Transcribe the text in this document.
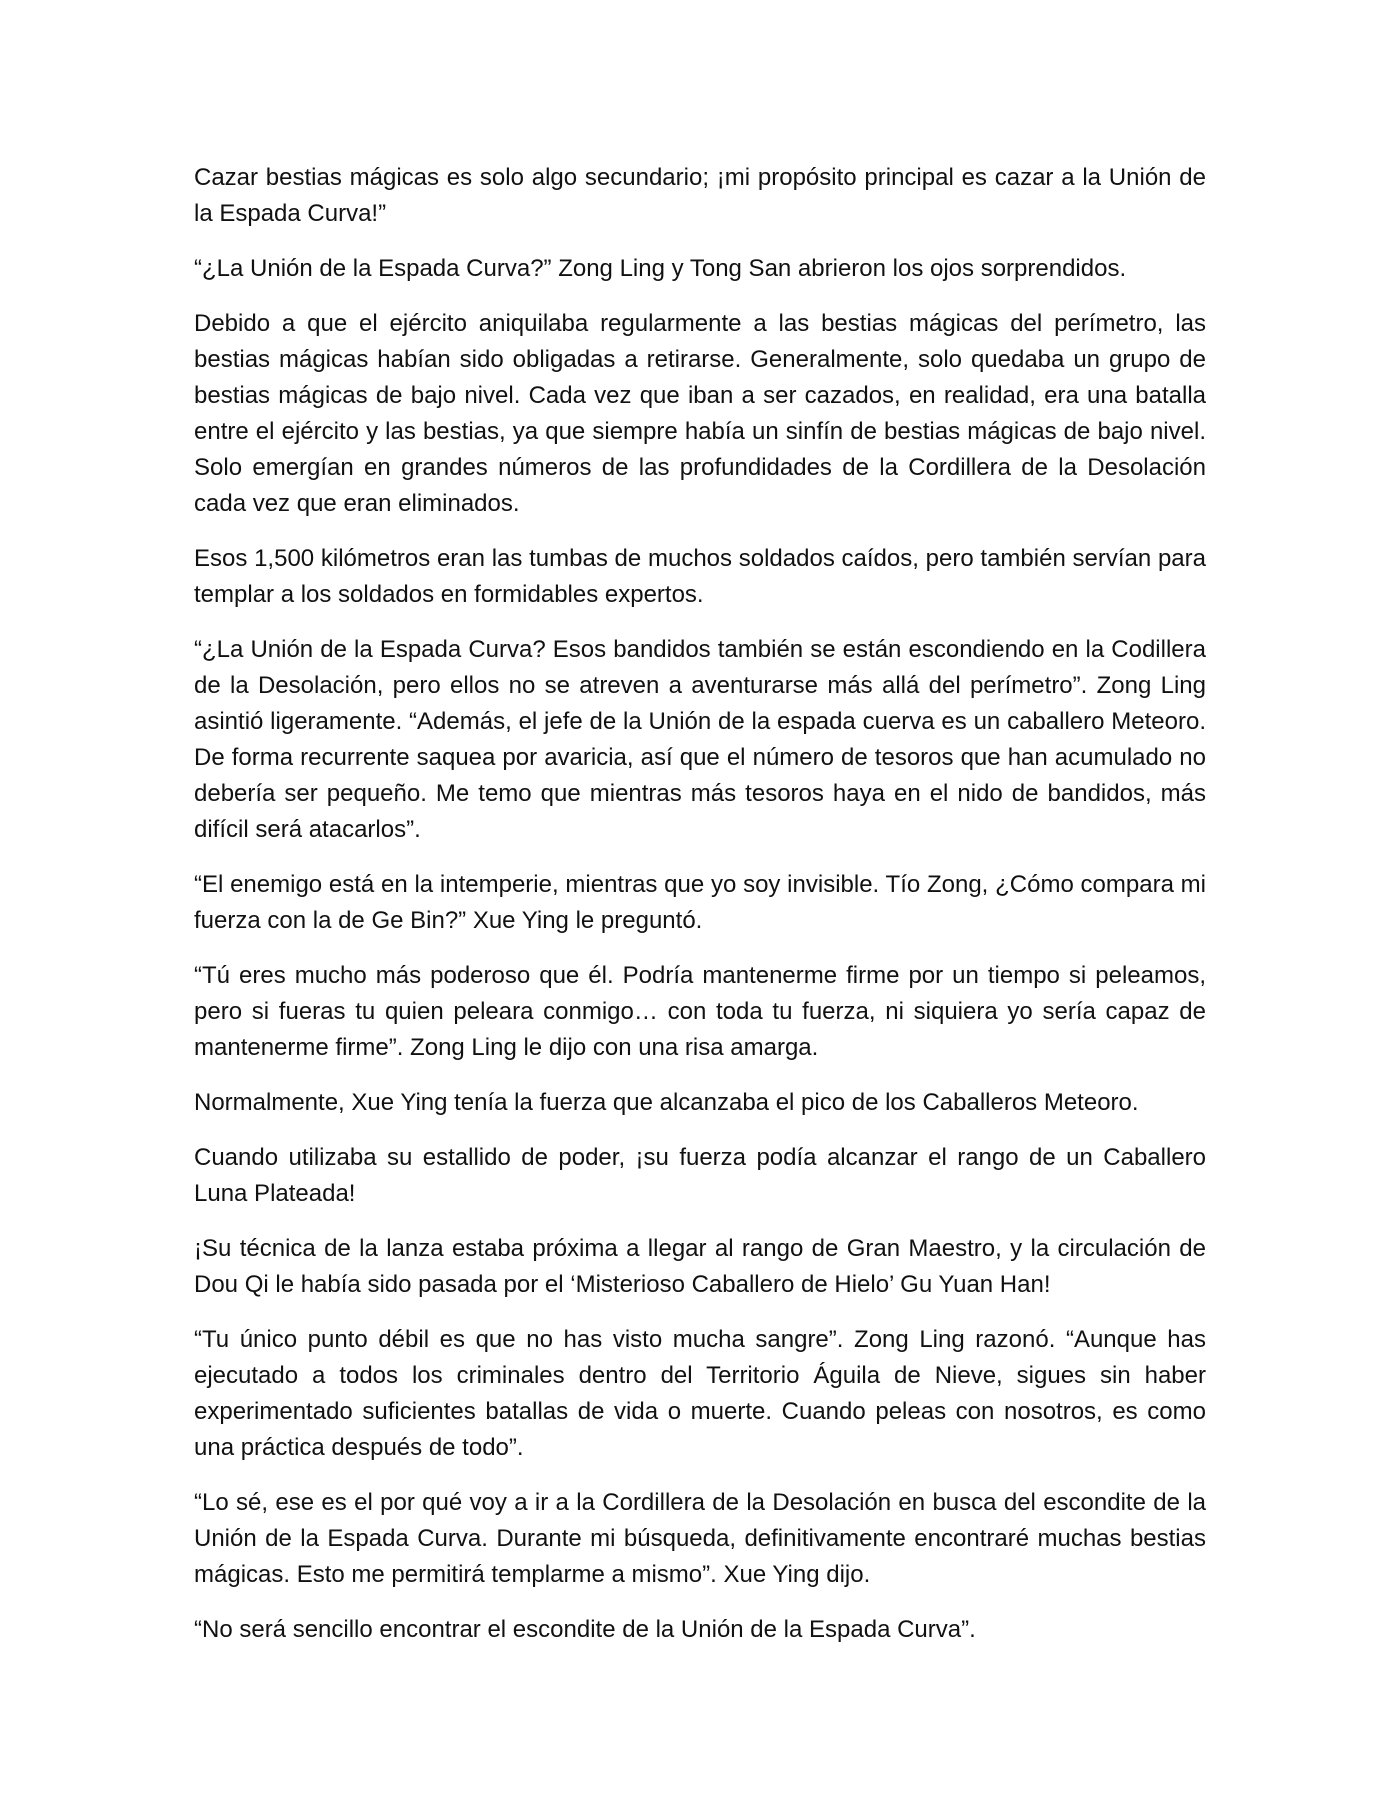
Cazar bestias mágicas es solo algo secundario; ¡mi propósito principal es cazar a la Unión de la Espada Curva!”

“¿La Unión de la Espada Curva?” Zong Ling y Tong San abrieron los ojos sorprendidos.

Debido a que el ejército aniquilaba regularmente a las bestias mágicas del perímetro, las bestias mágicas habían sido obligadas a retirarse. Generalmente, solo quedaba un grupo de bestias mágicas de bajo nivel. Cada vez que iban a ser cazados, en realidad, era una batalla entre el ejército y las bestias, ya que siempre había un sinfín de bestias mágicas de bajo nivel. Solo emergían en grandes números de las profundidades de la Cordillera de la Desolación cada vez que eran eliminados.

Esos 1,500 kilómetros eran las tumbas de muchos soldados caídos, pero también servían para templar a los soldados en formidables expertos.

“¿La Unión de la Espada Curva? Esos bandidos también se están escondiendo en la Codillera de la Desolación, pero ellos no se atreven a aventurarse más allá del perímetro”. Zong Ling asintió ligeramente. “Además, el jefe de la Unión de la espada cuerva es un caballero Meteoro. De forma recurrente saquea por avaricia, así que el número de tesoros que han acumulado no debería ser pequeño. Me temo que mientras más tesoros haya en el nido de bandidos, más difícil será atacarlos”.

“El enemigo está en la intemperie, mientras que yo soy invisible. Tío Zong, ¿Cómo compara mi fuerza con la de Ge Bin?” Xue Ying le preguntó.

“Tú eres mucho más poderoso que él. Podría mantenerme firme por un tiempo si peleamos, pero si fueras tu quien peleara conmigo… con toda tu fuerza, ni siquiera yo sería capaz de mantenerme firme”. Zong Ling le dijo con una risa amarga.

Normalmente, Xue Ying tenía la fuerza que alcanzaba el pico de los Caballeros Meteoro.

Cuando utilizaba su estallido de poder, ¡su fuerza podía alcanzar el rango de un Caballero Luna Plateada!

¡Su técnica de la lanza estaba próxima a llegar al rango de Gran Maestro, y la circulación de Dou Qi le había sido pasada por el ‘Misterioso Caballero de Hielo’ Gu Yuan Han!

“Tu único punto débil es que no has visto mucha sangre”. Zong Ling razonó. “Aunque has ejecutado a todos los criminales dentro del Territorio Águila de Nieve, sigues sin haber experimentado suficientes batallas de vida o muerte. Cuando peleas con nosotros, es como una práctica después de todo”.

“Lo sé, ese es el por qué voy a ir a la Cordillera de la Desolación en busca del escondite de la Unión de la Espada Curva. Durante mi búsqueda, definitivamente encontraré muchas bestias mágicas. Esto me permitirá templarme a mismo”. Xue Ying dijo.

“No será sencillo encontrar el escondite de la Unión de la Espada Curva”.
